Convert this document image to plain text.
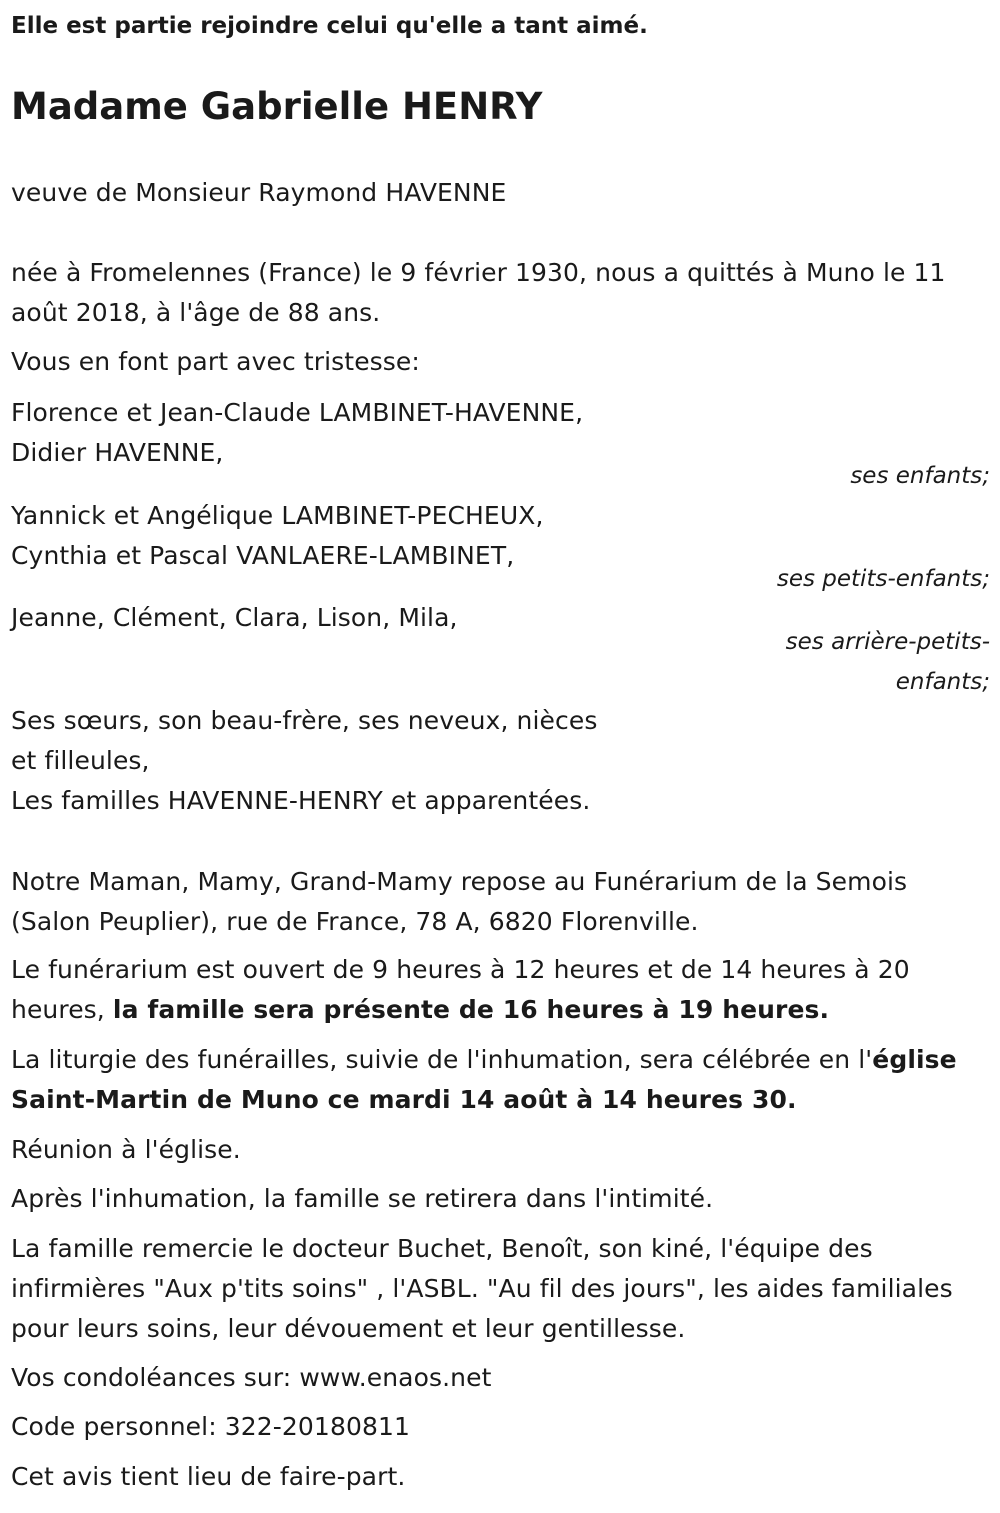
Elle est partie rejoindre celui qu'elle a tant aimé.
Madame Gabrielle HENRY
veuve de Monsieur Raymond HAVENNE
née à Fromelennes (France) le 9 février 1930, nous a quittés à Muno le 11 août 2018, à l'âge de 88 ans.
Vous en font part avec tristesse:
Florence et Jean-Claude LAMBINET-HAVENNE,
Didier HAVENNE,
ses enfants;
Yannick et Angélique LAMBINET-PECHEUX,
Cynthia et Pascal VANLAERE-LAMBINET,
ses petits-enfants;
Jeanne, Clément, Clara, Lison, Mila,
ses arrière-petits-
enfants;
Ses sœurs, son beau-frère, ses neveux, nièces
et filleules,
Les familles HAVENNE-HENRY et apparentées.
Notre Maman, Mamy, Grand-Mamy repose au Funérarium de la Semois (Salon Peuplier), rue de France, 78 A, 6820 Florenville.
Le funérarium est ouvert de 9 heures à 12 heures et de 14 heures à 20 heures, la famille sera présente de 16 heures à 19 heures.
La liturgie des funérailles, suivie de l'inhumation, sera célébrée en l'église Saint-Martin de Muno ce mardi 14 août à 14 heures 30.
Réunion à l'église.
Après l'inhumation, la famille se retirera dans l'intimité.
La famille remercie le docteur Buchet, Benoît, son kiné, l'équipe des infirmières "Aux p'tits soins" , l'ASBL. "Au fil des jours", les aides familiales pour leurs soins, leur dévouement et leur gentillesse.
Vos condoléances sur: www.enaos.net
Code personnel: 322-20180811
Cet avis tient lieu de faire-part.
